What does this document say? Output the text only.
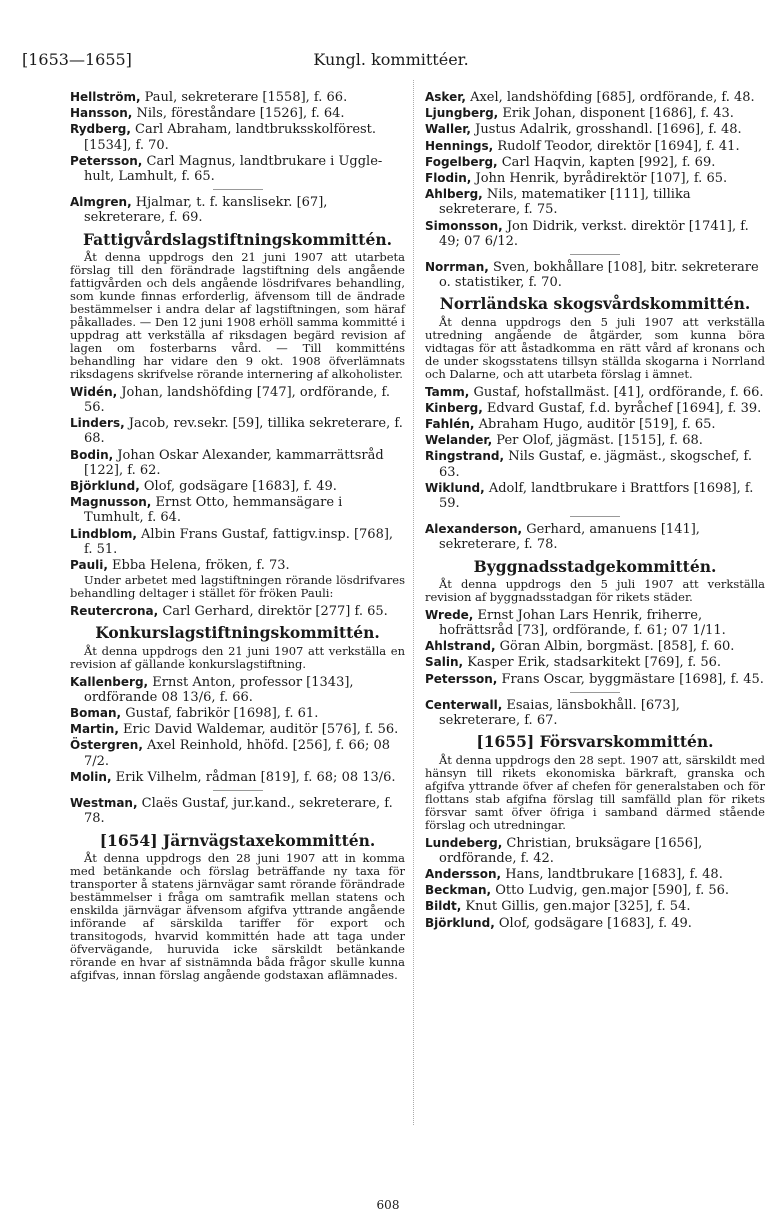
[1653—1655]	Kungl. kommittéer.
Hellström, Paul, sekreterare [1558], f. 66.
Hansson, Nils, föreståndare [1526], f. 64.
Rydberg, Carl Abraham, landtbruksskolförest. [1534], f. 70.
Petersson, Carl Magnus, landtbrukare i Uggle-hult, Lamhult, f. 65.
Almgren, Hjalmar, t. f. kanslisekr. [67], sekreterare, f. 69.
Fattigvårdslagstiftningskommittén.
Åt denna uppdrogs den 21 juni 1907 att utarbeta förslag till den förändrade lagstiftning dels angående fattigvården och dels angående lösdrifvares behandling, som kunde finnas erforderlig, äfvensom till de ändrade bestämmelser i andra delar af lagstiftningen, som häraf påkallades. — Den 12 juni 1908 erhöll samma kommitté i uppdrag att verkställa af riksdagen begärd revision af lagen om fosterbarns vård. — Till kommitténs behandling har vidare den 9 okt. 1908 öfverlämnats riksdagens skrifvelse rörande internering af alkoholister.
Widén, Johan, landshöfding [747], ordförande, f. 56.
Linders, Jacob, rev.sekr. [59], tillika sekreterare, f. 68.
Bodin, Johan Oskar Alexander, kammarrättsråd [122], f. 62.
Björklund, Olof, godsägare [1683], f. 49.
Magnusson, Ernst Otto, hemmansägare i Tumhult, f. 64.
Lindblom, Albin Frans Gustaf, fattigv.insp. [768], f. 51.
Pauli, Ebba Helena, fröken, f. 73.
Under arbetet med lagstiftningen rörande lösdrifvares behandling deltager i stället för fröken Pauli:
Reutercrona, Carl Gerhard, direktör [277] f. 65.
Konkurslagstiftningskommittén.
Åt denna uppdrogs den 21 juni 1907 att verkställa en revision af gällande konkurslagstiftning.
Kallenberg, Ernst Anton, professor [1343], ordförande 08 13/6, f. 66.
Boman, Gustaf, fabrikör [1698], f. 61.
Martin, Eric David Waldemar, auditör [576], f. 56.
Östergren, Axel Reinhold, hhöfd. [256], f. 66; 08 7/2.
Molin, Erik Vilhelm, rådman [819], f. 68; 08 13/6.
Westman, Claës Gustaf, jur.kand., sekreterare, f. 78.
[1654] Järnvägstaxekommittén.
Åt denna uppdrogs den 28 juni 1907 att in komma med betänkande och förslag beträffande ny taxa för transporter å statens järnvägar samt rörande förändrade bestämmelser i fråga om samtrafik mellan statens och enskilda järnvägar äfvensom afgifva yttrande angående införande af särskilda tariffer för export och transitogods, hvarvid kommittén hade att taga under öfvervägande, huruvida icke särskildt betänkande rörande en hvar af sistnämnda båda frågor skulle kunna afgifvas, innan förslag angående godstaxan aflämnades.
Asker, Axel, landshöfding [685], ordförande, f. 48.
Ljungberg, Erik Johan, disponent [1686], f. 43.
Waller, Justus Adalrik, grosshandl. [1696], f. 48.
Hennings, Rudolf Teodor, direktör [1694], f. 41.
Fogelberg, Carl Haqvin, kapten [992], f. 69.
Flodin, John Henrik, byrådirektör [107], f. 65.
Ahlberg, Nils, matematiker [111], tillika sekreterare, f. 75.
Simonsson, Jon Didrik, verkst. direktör [1741], f. 49; 07 6/12.
Norrman, Sven, bokhållare [108], bitr. sekreterare o. statistiker, f. 70.
Norrländska skogsvårdskommittén.
Åt denna uppdrogs den 5 juli 1907 att verkställa utredning angående de åtgärder, som kunna böra vidtagas för att åstadkomma en rätt vård af kronans och de under skogsstatens tillsyn ställda skogarna i Norrland och Dalarne, och att utarbeta förslag i ämnet.
Tamm, Gustaf, hofstallmäst. [41], ordförande, f. 66.
Kinberg, Edvard Gustaf, f.d. byråchef [1694], f. 39.
Fahlén, Abraham Hugo, auditör [519], f. 65.
Welander, Per Olof, jägmäst. [1515], f. 68.
Ringstrand, Nils Gustaf, e. jägmäst., skogschef, f. 63.
Wiklund, Adolf, landtbrukare i Brattfors [1698], f. 59.
Alexanderson, Gerhard, amanuens [141], sekreterare, f. 78.
Byggnadsstadgekommittén.
Åt denna uppdrogs den 5 juli 1907 att verkställa revision af byggnadsstadgan för rikets städer.
Wrede, Ernst Johan Lars Henrik, friherre, hofrättsråd [73], ordförande, f. 61; 07 1/11.
Ahlstrand, Göran Albin, borgmäst. [858], f. 60.
Salin, Kasper Erik, stadsarkitekt [769], f. 56.
Petersson, Frans Oscar, byggmästare [1698], f. 45.
Centerwall, Esaias, länsbokhåll. [673], sekreterare, f. 67.
[1655] Försvarskommittén.
Åt denna uppdrogs den 28 sept. 1907 att, särskildt med hänsyn till rikets ekonomiska bärkraft, granska och afgifva yttrande öfver af chefen för generalstaben och för flottans stab afgifna förslag till samfälld plan för rikets försvar samt öfver öfriga i samband därmed stående förslag och utredningar.
Lundeberg, Christian, bruksägare [1656], ordförande, f. 42.
Andersson, Hans, landtbrukare [1683], f. 48.
Beckman, Otto Ludvig, gen.major [590], f. 56.
Bildt, Knut Gillis, gen.major [325], f. 54.
Björklund, Olof, godsägare [1683], f. 49.
608
